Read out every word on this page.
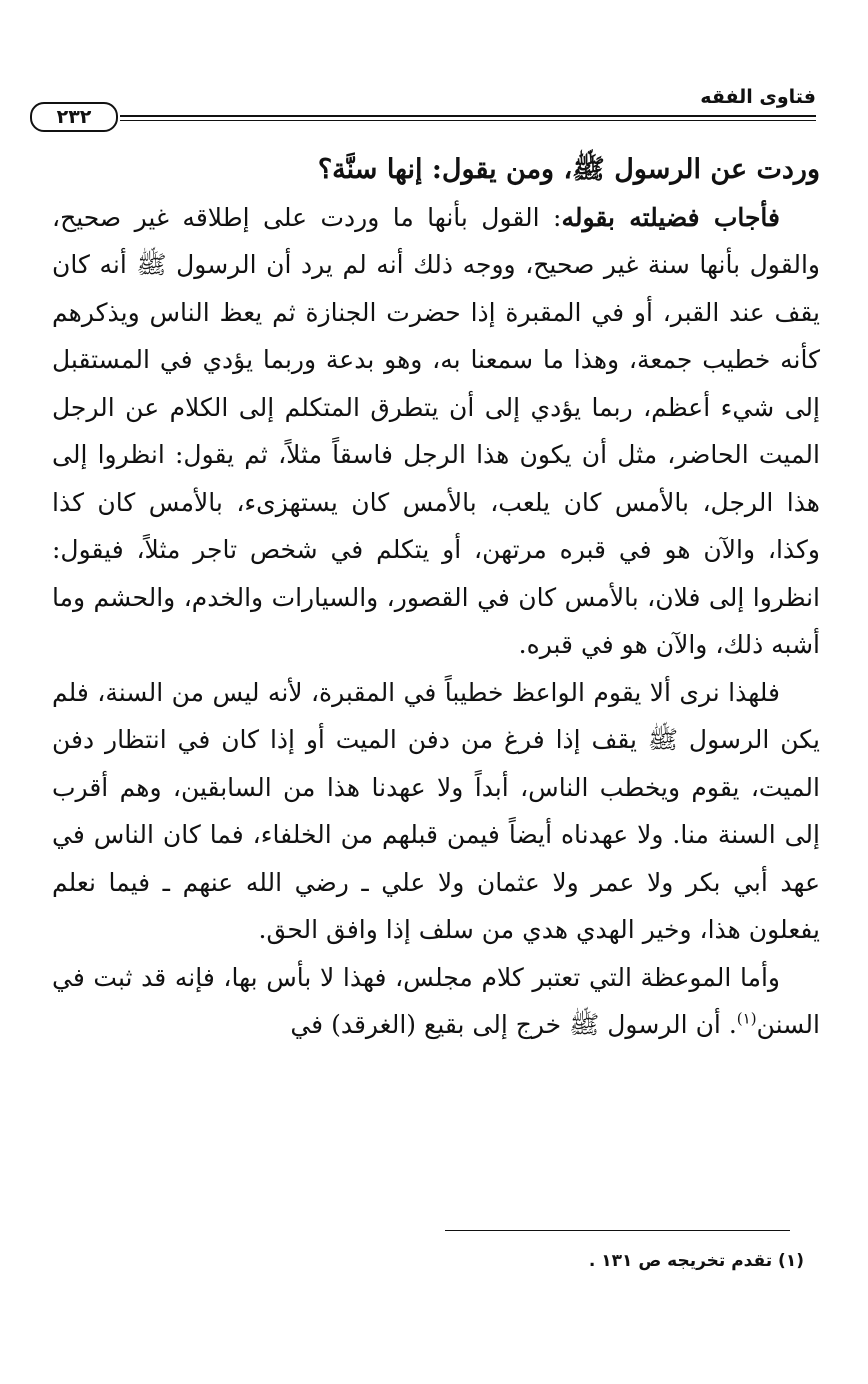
فتاوى الفقه
٢٣٢

وردت عن الرسول ﷺ، ومن يقول: إنها سنَّة؟

فأجاب فضيلته بقوله: القول بأنها ما وردت على إطلاقه غير صحيح، والقول بأنها سنة غير صحيح، ووجه ذلك أنه لم يرد أن الرسول ﷺ أنه كان يقف عند القبر، أو في المقبرة إذا حضرت الجنازة ثم يعظ الناس ويذكرهم كأنه خطيب جمعة، وهذا ما سمعنا به، وهو بدعة وربما يؤدي في المستقبل إلى شيء أعظم، ربما يؤدي إلى أن يتطرق المتكلم إلى الكلام عن الرجل الميت الحاضر، مثل أن يكون هذا الرجل فاسقاً مثلاً، ثم يقول: انظروا إلى هذا الرجل، بالأمس كان يلعب، بالأمس كان يستهزىء، بالأمس كان كذا وكذا، والآن هو في قبره مرتهن، أو يتكلم في شخص تاجر مثلاً، فيقول: انظروا إلى فلان، بالأمس كان في القصور، والسيارات والخدم، والحشم وما أشبه ذلك، والآن هو في قبره.

فلهذا نرى ألا يقوم الواعظ خطيباً في المقبرة، لأنه ليس من السنة، فلم يكن الرسول ﷺ يقف إذا فرغ من دفن الميت أو إذا كان في انتظار دفن الميت، يقوم ويخطب الناس، أبداً ولا عهدنا هذا من السابقين، وهم أقرب إلى السنة منا. ولا عهدناه أيضاً فيمن قبلهم من الخلفاء، فما كان الناس في عهد أبي بكر ولا عمر ولا عثمان ولا علي ـ رضي الله عنهم ـ فيما نعلم يفعلون هذا، وخير الهدي هدي من سلف إذا وافق الحق.

وأما الموعظة التي تعتبر كلام مجلس، فهذا لا بأس بها، فإنه قد ثبت في السنن$^{(١)}$. أن الرسول ﷺ خرج إلى بقيع (الغرقد) في

(١) تقدم تخريجه ص ١٣١ .
